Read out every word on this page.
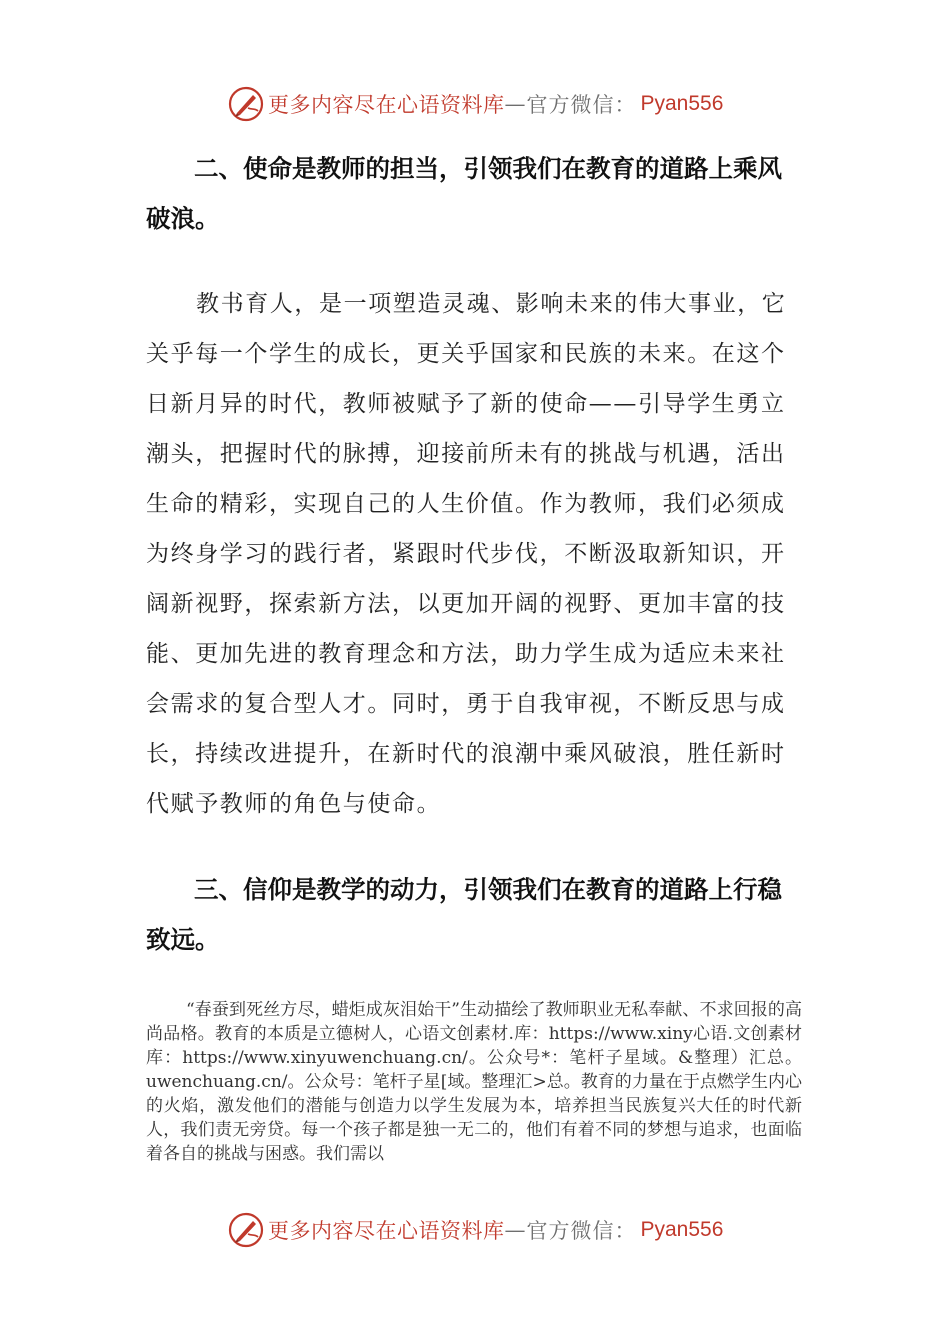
更多内容尽在心语资料库 — 官方微信： Pyan556
二、使命是教师的担当，引领我们在教育的道路上乘风破浪。
教书育人，是一项塑造灵魂、影响未来的伟大事业，它关乎每一个学生的成长，更关乎国家和民族的未来。在这个日新月异的时代，教师被赋予了新的使命——引导学生勇立潮头，把握时代的脉搏，迎接前所未有的挑战与机遇，活出生命的精彩，实现自己的人生价值。作为教师，我们必须成为终身学习的践行者，紧跟时代步伐，不断汲取新知识，开阔新视野，探索新方法，以更加开阔的视野、更加丰富的技能、更加先进的教育理念和方法，助力学生成为适应未来社会需求的复合型人才。同时，勇于自我审视，不断反思与成长，持续改进提升，在新时代的浪潮中乘风破浪，胜任新时代赋予教师的角色与使命。
三、信仰是教学的动力，引领我们在教育的道路上行稳致远。
“春蚕到死丝方尽，蜡炬成灰泪始干”生动描绘了教师职业无私奉献、不求回报的高尚品格。教育的本质是立德树人，心语文创素材.库：https://www.xiny心语.文创素材库：https://www.xinyuwenchuang.cn/。公众号*：笔杆子星域。&整理）汇总。uwenchuang.cn/。公众号：笔杆子星[域。整理汇>总。教育的力量在于点燃学生内心的火焰，激发他们的潜能与创造力以学生发展为本，培养担当民族复兴大任的时代新人，我们责无旁贷。每一个孩子都是独一无二的，他们有着不同的梦想与追求，也面临着各自的挑战与困惑。我们需以
更多内容尽在心语资料库 — 官方微信： Pyan556
